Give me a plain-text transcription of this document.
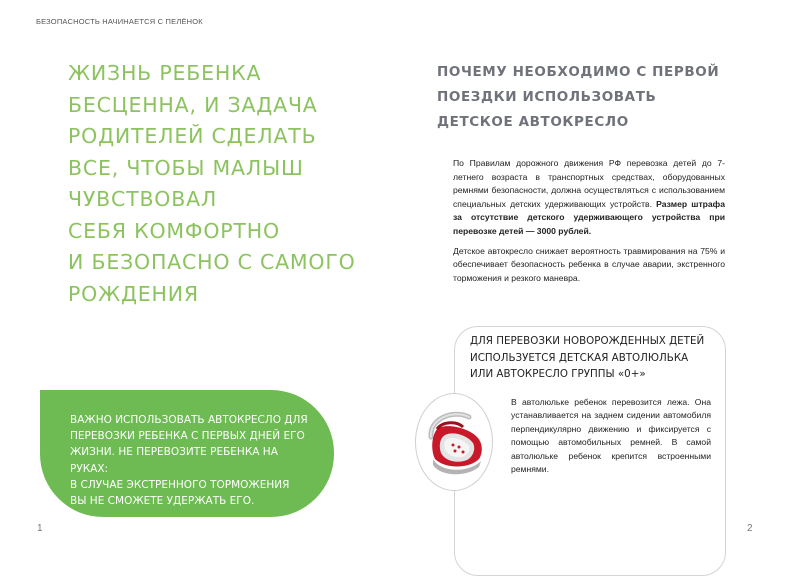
БЕЗОПАСНОСТЬ НАЧИНАЕТСЯ С ПЕЛЁНОК
ЖИЗНЬ РЕБЕНКА
БЕСЦЕННА, И ЗАДАЧА
РОДИТЕЛЕЙ СДЕЛАТЬ
ВСЕ, ЧТОБЫ МАЛЫШ
ЧУВСТВОВАЛ
СЕБЯ КОМФОРТНО
И БЕЗОПАСНО С САМОГО
РОЖДЕНИЯ
ВАЖНО ИСПОЛЬЗОВАТЬ АВТОКРЕСЛО ДЛЯ
ПЕРЕВОЗКИ РЕБЕНКА С ПЕРВЫХ ДНЕЙ ЕГО
ЖИЗНИ. НЕ ПЕРЕВОЗИТЕ РЕБЕНКА НА РУКАХ:
В СЛУЧАЕ ЭКСТРЕННОГО ТОРМОЖЕНИЯ
ВЫ НЕ СМОЖЕТЕ УДЕРЖАТЬ ЕГО.
1
ПОЧЕМУ НЕОБХОДИМО С ПЕРВОЙ
ПОЕЗДКИ ИСПОЛЬЗОВАТЬ
ДЕТСКОЕ АВТОКРЕСЛО

По Правилам дорожного движения РФ перевозка детей до 7-летнего возраста в транспортных средствах, оборудованных ремнями безопасности, должна осуществляться с использованием специальных детских удерживающих устройств. Размер штрафа за отсутствие детского удерживающего устройства при перевозке детей — 3000 рублей.

Детское автокресло снижает вероятность травмирования на 75% и обеспечивает безопасность ребенка в случае аварии, экстренного торможения и резкого маневра.

ДЛЯ ПЕРЕВОЗКИ НОВОРОЖДЕННЫХ ДЕТЕЙ
ИСПОЛЬЗУЕТСЯ ДЕТСКАЯ АВТОЛЮЛЬКА
ИЛИ АВТОКРЕСЛО ГРУППЫ «0+»
В автолюльке ребенок перевозится лежа. Она устанавливается на заднем сидении автомобиля перпендикулярно движению и фиксируется с помощью автомобильных ремней. В самой автолюльке ребенок крепится встроенными ремнями.
2
